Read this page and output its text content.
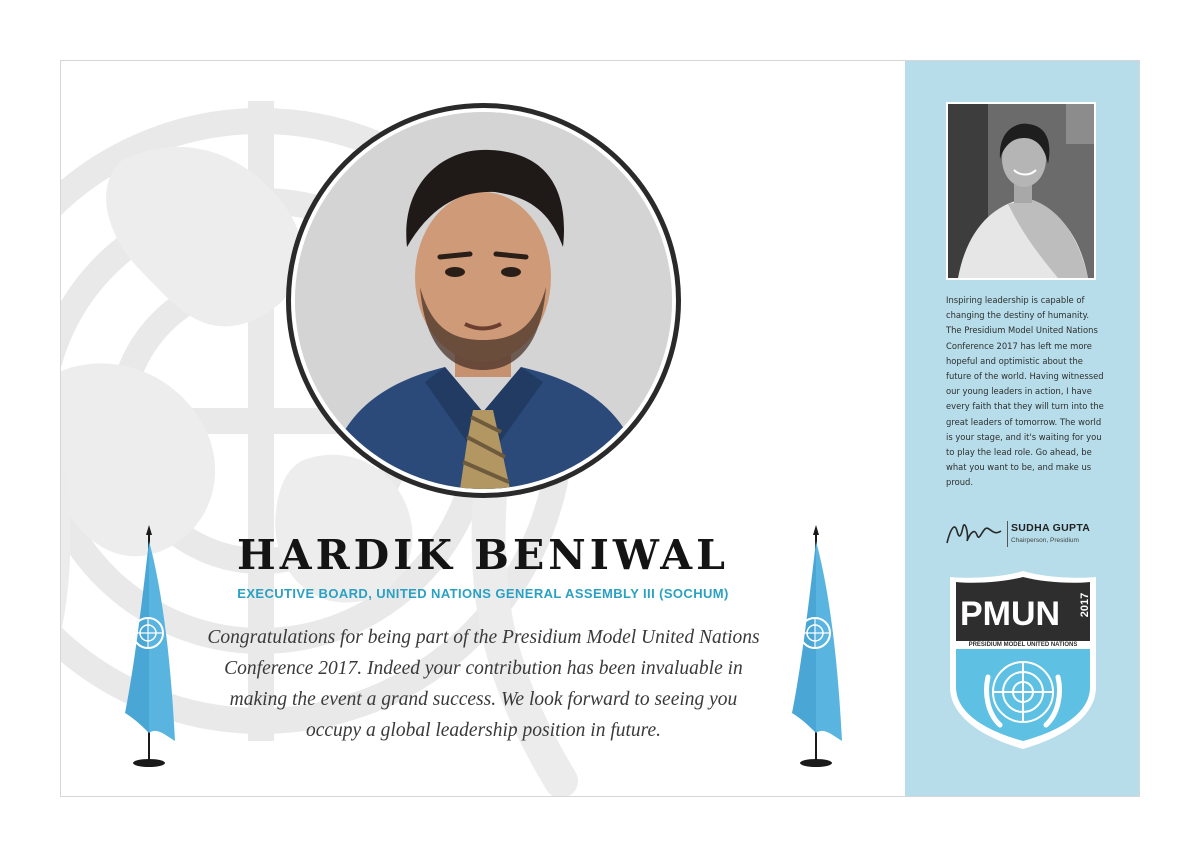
HARDIK BENIWAL
EXECUTIVE BOARD, UNITED NATIONS GENERAL ASSEMBLY III (SOCHUM)

Congratulations for being part of the Presidium Model United Nations Conference 2017. Indeed your contribution has been invaluable in making the event a grand success. We look forward to seeing you occupy a global leadership position in future.

Inspiring leadership is capable of changing the destiny of humanity. The Presidium Model United Nations Conference 2017 has left me more hopeful and optimistic about the future of the world. Having witnessed our young leaders in action, I have every faith that they will turn into the great leaders of tomorrow. The world is your stage, and it's waiting for you to play the lead role. Go ahead, be what you want to be, and make us proud.

SUDHA GUPTA
Chairperson, Presidium
PMUN 2017
PRESIDIUM MODEL UNITED NATIONS
